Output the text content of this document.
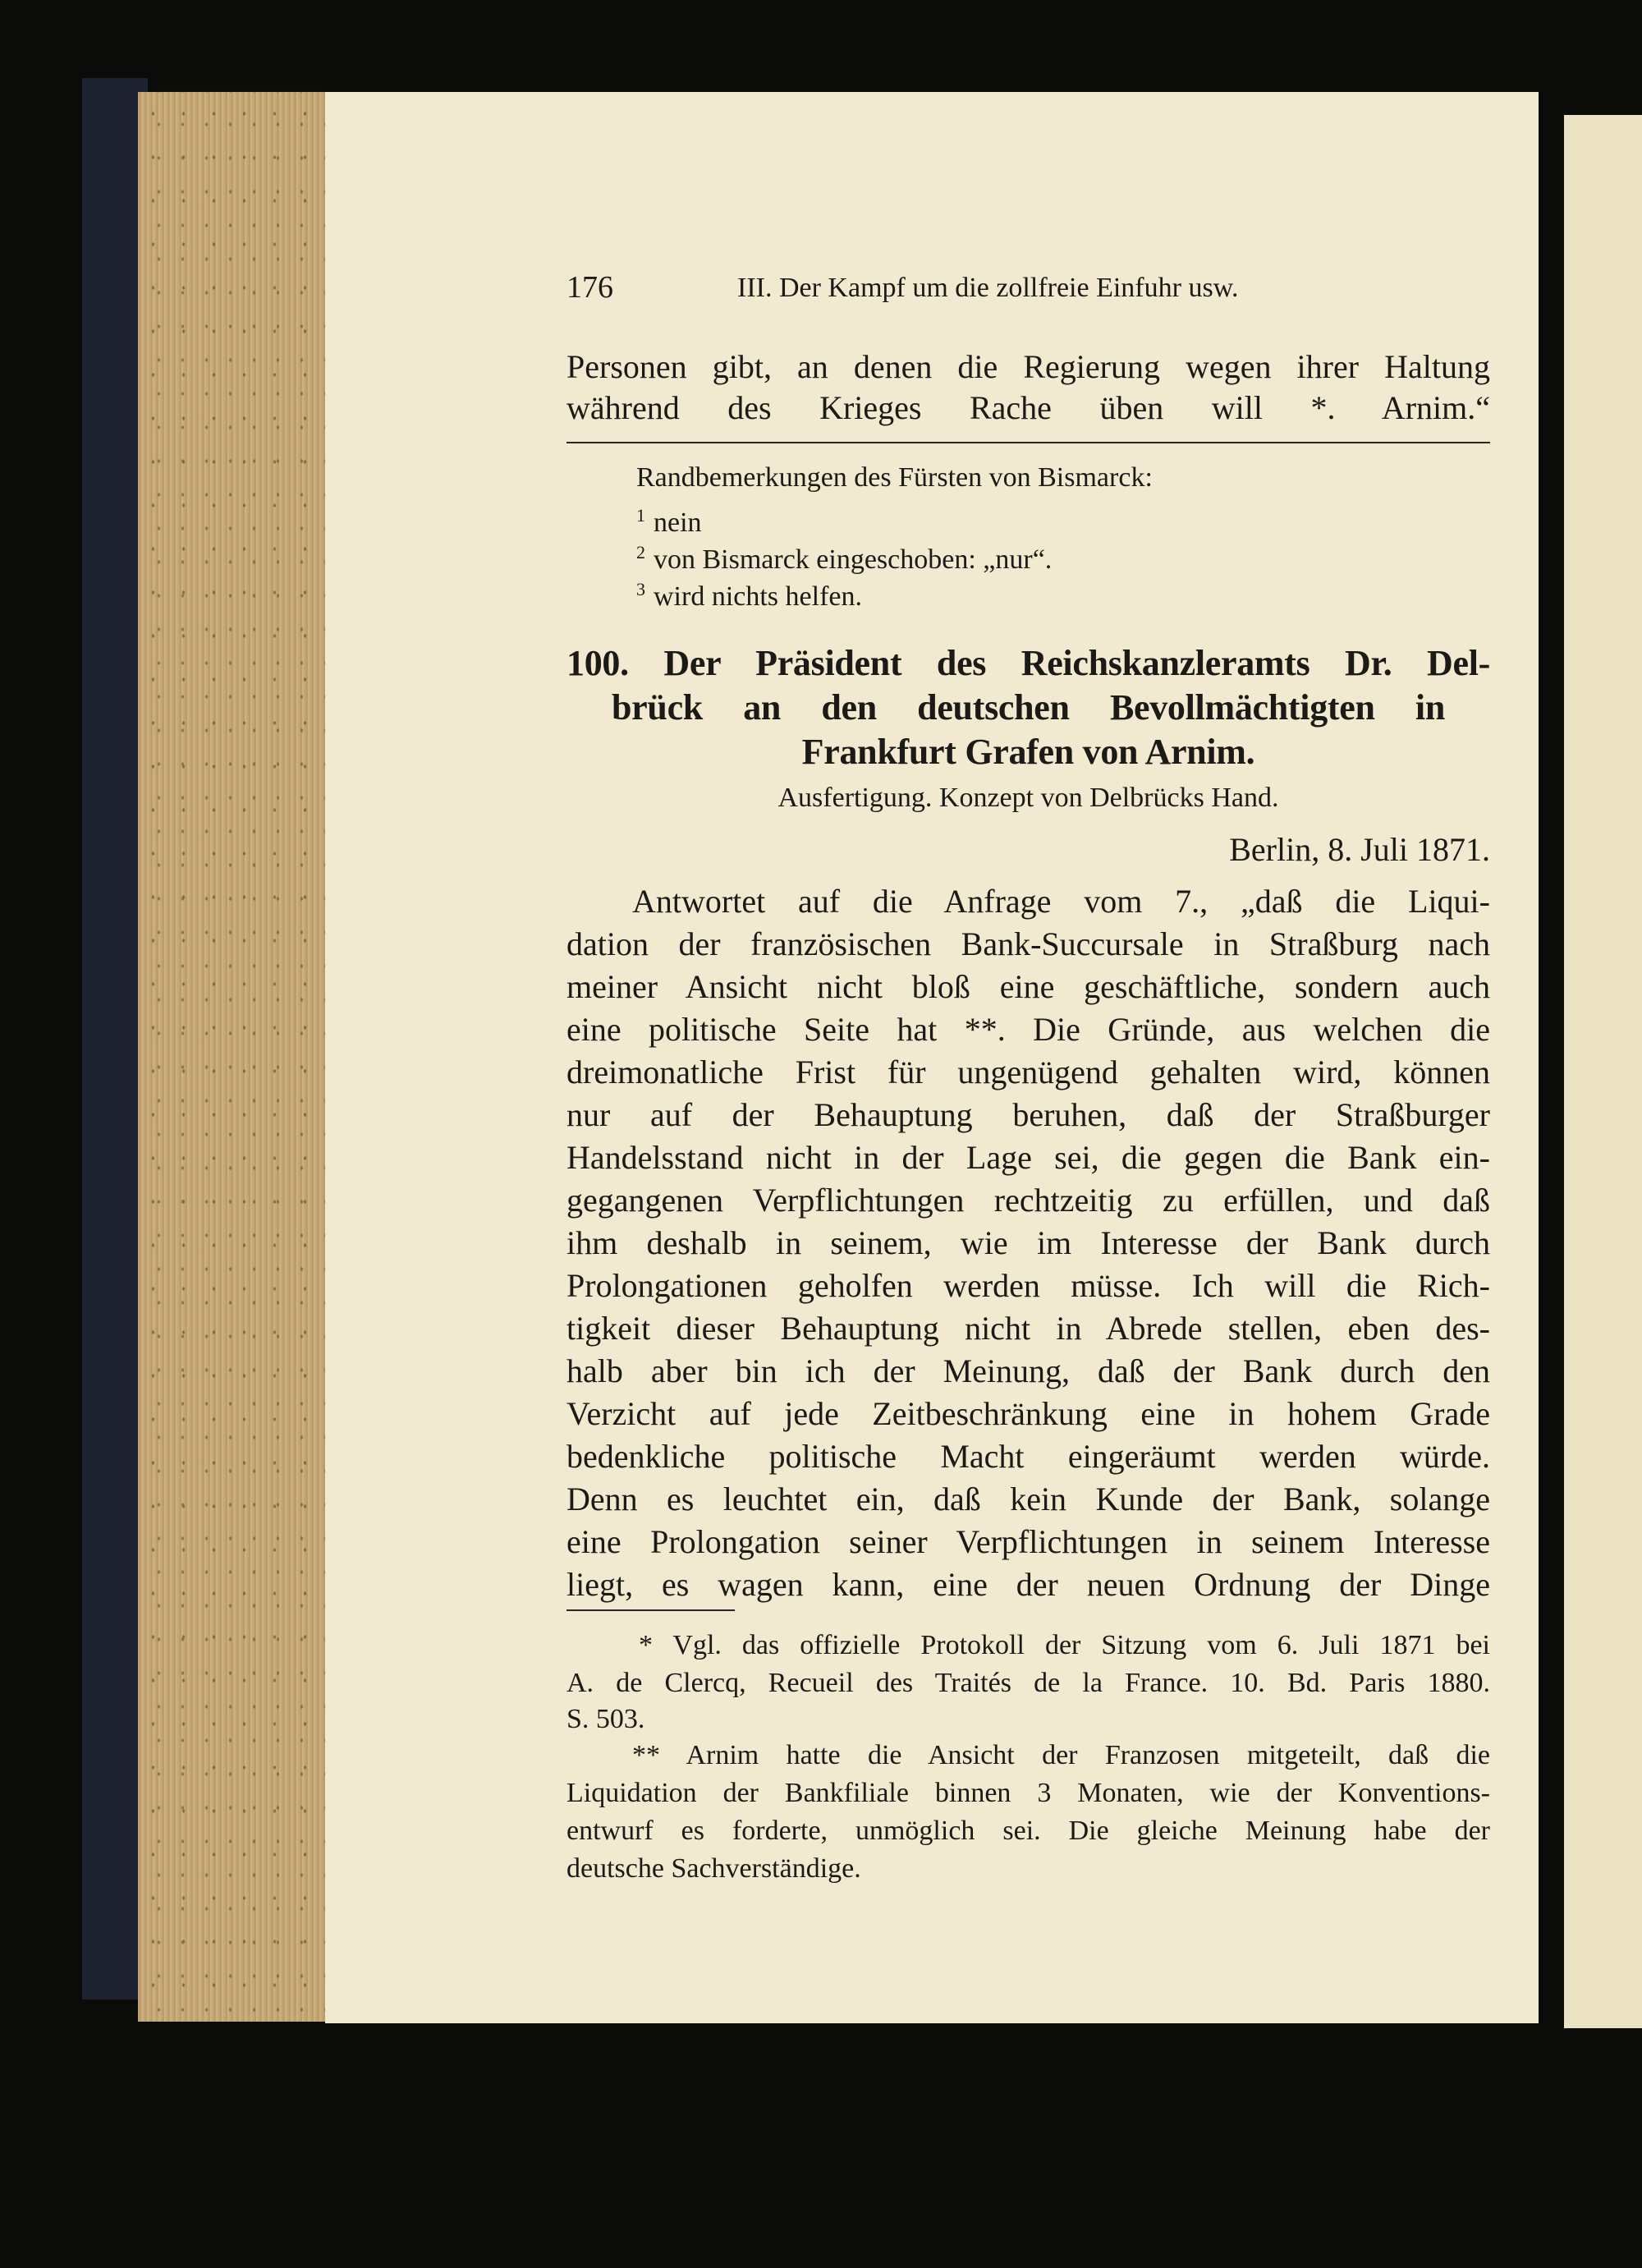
176	III. Der Kampf um die zollfreie Einfuhr usw.
Personen gibt, an denen die Regierung wegen ihrer Haltung
während des Krieges Rache üben will *. Arnim.“
Randbemerkungen des Fürsten von Bismarck:
$^1$ nein
$^2$ von Bismarck eingeschoben: „nur“.
$^3$ wird nichts helfen.
100. Der Präsident des Reichskanzleramts Dr. Del-
brück an den deutschen Bevollmächtigten in
Frankfurt Grafen von Arnim.
Ausfertigung. Konzept von Delbrücks Hand.
Berlin, 8. Juli 1871.
Antwortet auf die Anfrage vom 7., „daß die Liqui-
dation der französischen Bank-Succursale in Straßburg nach
meiner Ansicht nicht bloß eine geschäftliche, sondern auch
eine politische Seite hat **. Die Gründe, aus welchen die
dreimonatliche Frist für ungenügend gehalten wird, können
nur auf der Behauptung beruhen, daß der Straßburger
Handelsstand nicht in der Lage sei, die gegen die Bank ein-
gegangenen Verpflichtungen rechtzeitig zu erfüllen, und daß
ihm deshalb in seinem, wie im Interesse der Bank durch
Prolongationen geholfen werden müsse. Ich will die Rich-
tigkeit dieser Behauptung nicht in Abrede stellen, eben des-
halb aber bin ich der Meinung, daß der Bank durch den
Verzicht auf jede Zeitbeschränkung eine in hohem Grade
bedenkliche politische Macht eingeräumt werden würde.
Denn es leuchtet ein, daß kein Kunde der Bank, solange
eine Prolongation seiner Verpflichtungen in seinem Interesse
liegt, es wagen kann, eine der neuen Ordnung der Dinge
* Vgl. das offizielle Protokoll der Sitzung vom 6. Juli 1871 bei
A. de Clercq, Recueil des Traités de la France. 10. Bd. Paris 1880.
S. 503.
** Arnim hatte die Ansicht der Franzosen mitgeteilt, daß die
Liquidation der Bankfiliale binnen 3 Monaten, wie der Konventions-
entwurf es forderte, unmöglich sei. Die gleiche Meinung habe der
deutsche Sachverständige.
